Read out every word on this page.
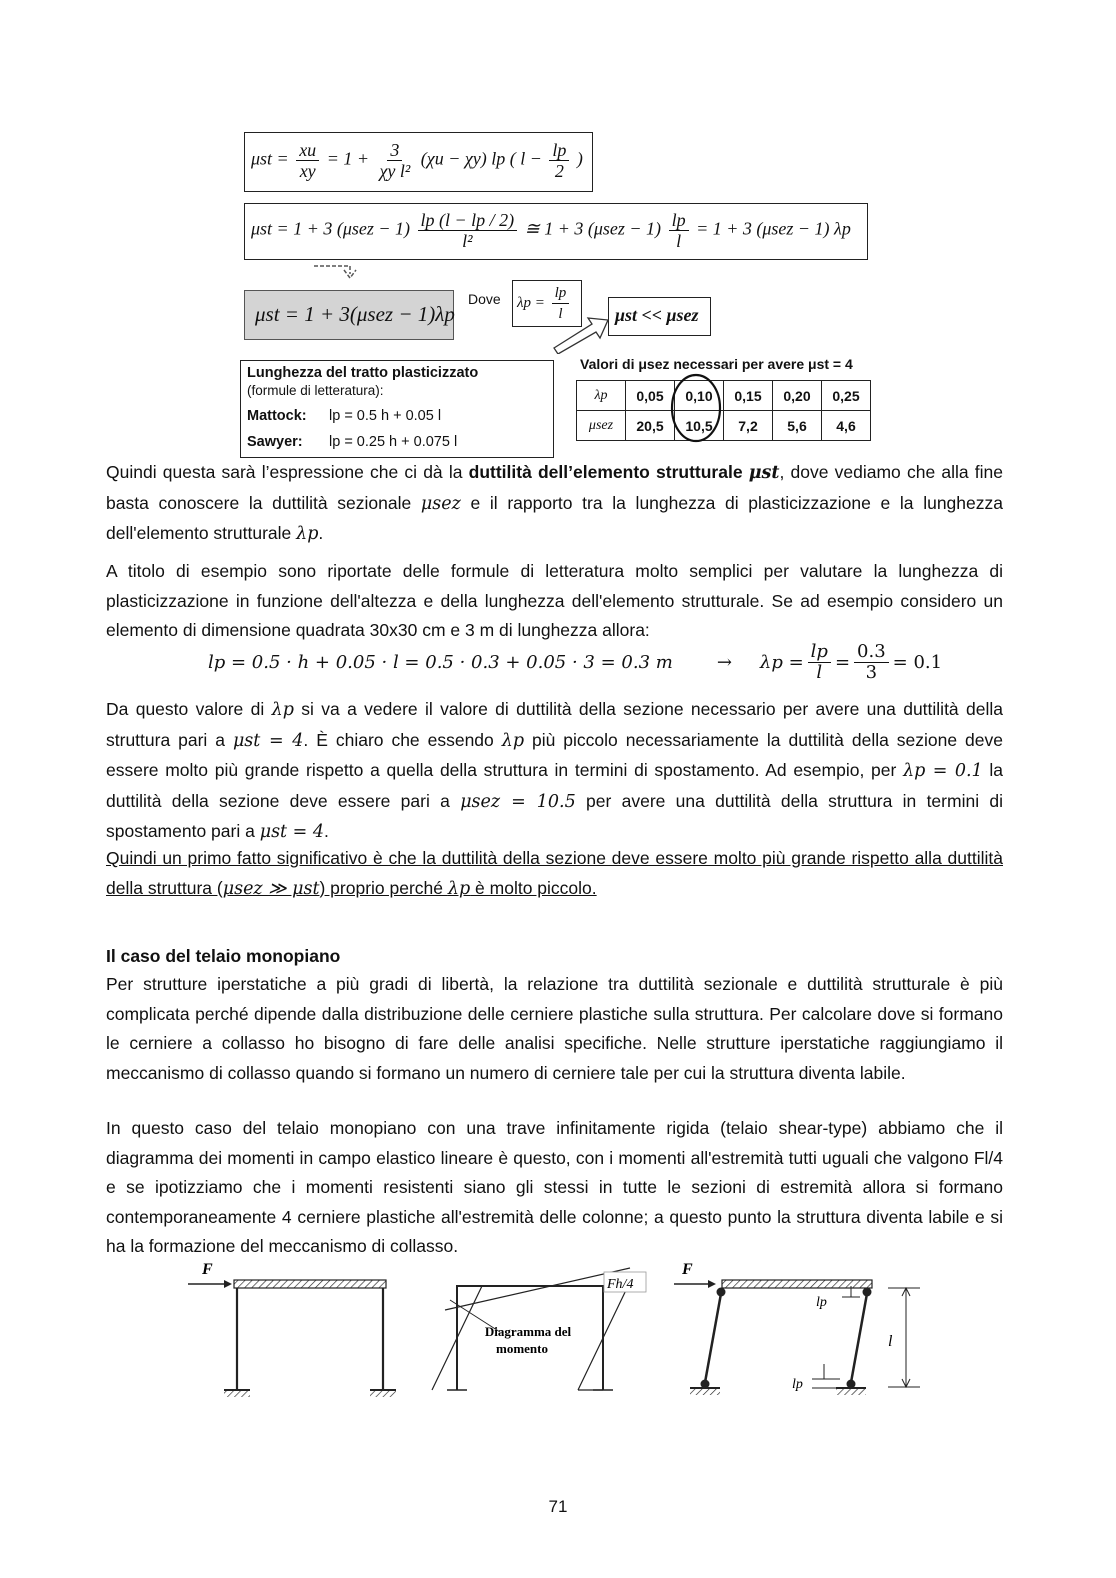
$\mu st = \frac{xu}{xy} = 1 + \frac{3}{\text{χy l²}} (\chi u - \chi y)$ lp ( $l - \frac{lp}{2}$ )
μst = 1 + 3 $(\mu sez - 1) \frac{lp (l - lp / 2)}{\text{l²}}$ ≅ 1 + 3 $(\mu sez - 1) \frac{lp}{l} = 1 + 3$ (μsez − 1) λp
μst = 1 + 3(μsez − 1)λp
Dove $\lambda p = \frac{lp}{l}$	μst << μsez
Lunghezza del tratto plasticizzato
(formule di letteratura):
Mattock: lp = 0.5 h + 0.05 l
Sawyer: lp = 0.25 h + 0.075 l
Valori di μsez necessari per avere μst = 4
λp	0,05	0,10	0,15	0,20	0,25
μsez	20,5	10,5	7,2	5,6	4,6

Quindi questa sarà l’espressione che ci dà la duttilità dell’elemento strutturale μst, dove vediamo che alla fine basta conoscere la duttilità sezionale μsez e il rapporto tra la lunghezza di plasticizzazione e la lunghezza dell'elemento strutturale λp.

A titolo di esempio sono riportate delle formule di letteratura molto semplici per valutare la lunghezza di plasticizzazione in funzione dell'altezza e della lunghezza dell'elemento strutturale. Se ad esempio considero un elemento di dimensione quadrata 30x30 cm e 3 m di lunghezza allora:

lp = 0.5 · h + 0.05 · l = 0.5 · 0.3 + 0.05 · 3 = 0.3 $m \to \lambda p = \frac{lp}{l} = \frac{0.3}{3} = 0.1$

Da questo valore di λp si va a vedere il valore di duttilità della sezione necessario per avere una duttilità della struttura pari a μst = 4. È chiaro che essendo λp più piccolo necessariamente la duttilità della sezione deve essere molto più grande rispetto a quella della struttura in termini di spostamento. Ad esempio, per λp = 0.1 la duttilità della sezione deve essere pari a μsez = 10.5 per avere una duttilità della struttura in termini di spostamento pari a μst = 4.

Quindi un primo fatto significativo è che la duttilità della sezione deve essere molto più grande rispetto alla duttilità della struttura (μsez ≫ μst) proprio perché λp è molto piccolo.

Il caso del telaio monopiano

Per strutture iperstatiche a più gradi di libertà, la relazione tra duttilità sezionale e duttilità strutturale è più complicata perché dipende dalla distribuzione delle cerniere plastiche sulla struttura. Per calcolare dove si formano le cerniere a collasso ho bisogno di fare delle analisi specifiche. Nelle strutture iperstatiche raggiungiamo il meccanismo di collasso quando si formano un numero di cerniere tale per cui la struttura diventa labile.

In questo caso del telaio monopiano con una trave infinitamente rigida (telaio shear-type) abbiamo che il diagramma dei momenti in campo elastico lineare è questo, con i momenti all'estremità tutti uguali che valgono Fl/4 e se ipotizziamo che i momenti resistenti siano gli stessi in tutte le sezioni di estremità allora si formano contemporaneamente 4 cerniere plastiche all'estremità delle colonne; a questo punto la struttura diventa labile e si ha la formazione del meccanismo di collasso.

F
Fh/4
Diagramma del
momento
F
lp
lp
l
71
